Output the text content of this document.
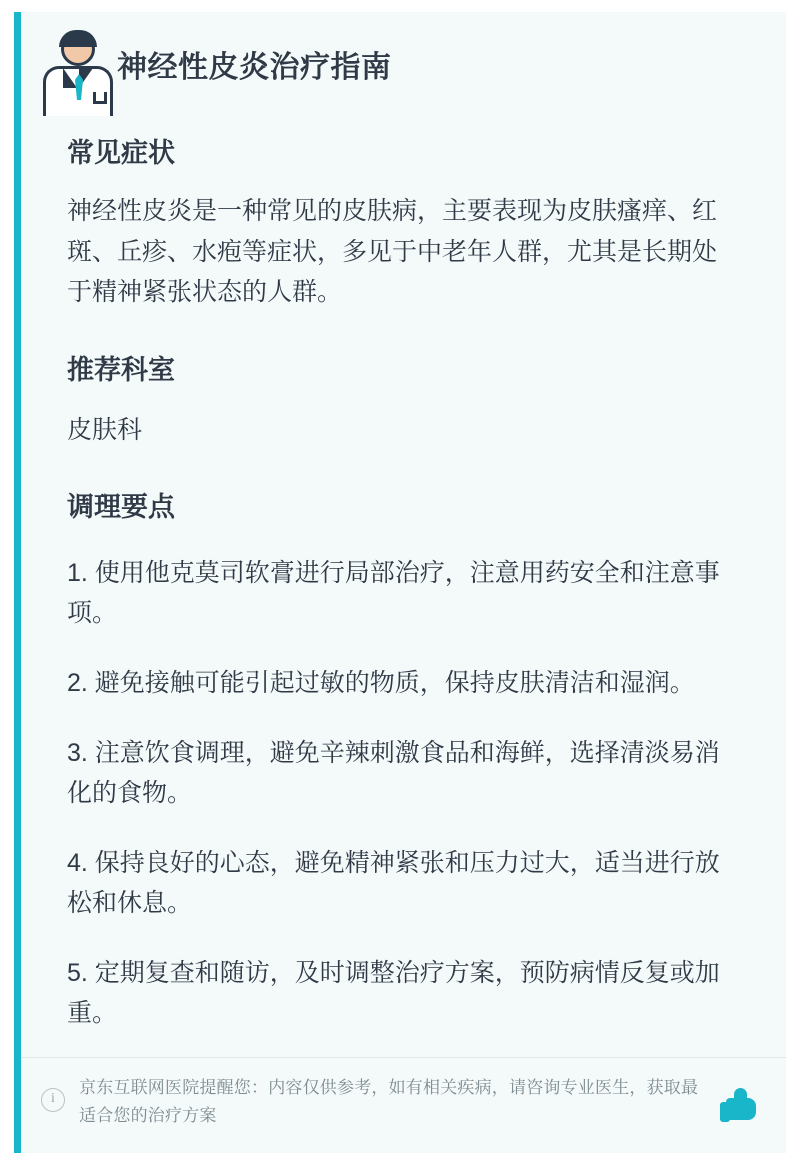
神经性皮炎治疗指南
常见症状

神经性皮炎是一种常见的皮肤病，主要表现为皮肤瘙痒、红斑、丘疹、水疱等症状，多见于中老年人群，尤其是长期处于精神紧张状态的人群。

推荐科室

皮肤科

调理要点
1. 使用他克莫司软膏进行局部治疗，注意用药安全和注意事项。
2. 避免接触可能引起过敏的物质，保持皮肤清洁和湿润。
3. 注意饮食调理，避免辛辣刺激食品和海鲜，选择清淡易消化的食物。
4. 保持良好的心态，避免精神紧张和压力过大，适当进行放松和休息。
5. 定期复查和随访，及时调整治疗方案，预防病情反复或加重。
i
京东互联网医院提醒您：内容仅供参考，如有相关疾病，请咨询专业医生，获取最适合您的治疗方案
